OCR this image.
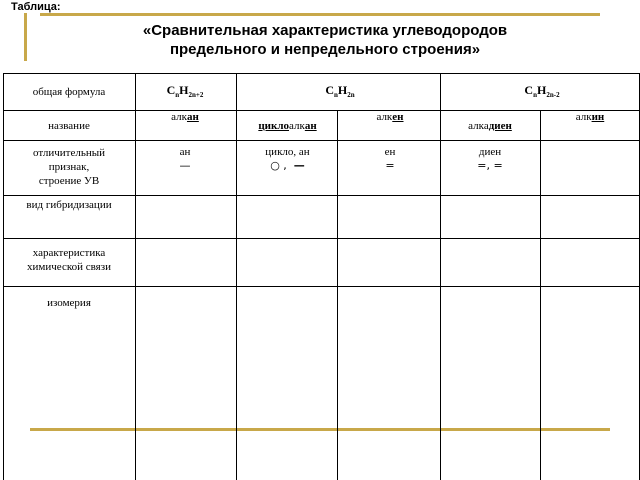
Таблица:
«Сравнительная характеристика углеводородов
предельного и непредельного строения»
общая формула
название
отличительный
признак,
строение УВ
вид гибридизации
характеристика
химической связи
изомерия
$C_nH_{2n+2}$	$C_nH_{2n}$	$C_nH_{2n-2}$
алкан
циклоалкан
алкен
алкадиен
алкин
ан
—
цикло, ан
○ , —
ен
=
диен
=, =
